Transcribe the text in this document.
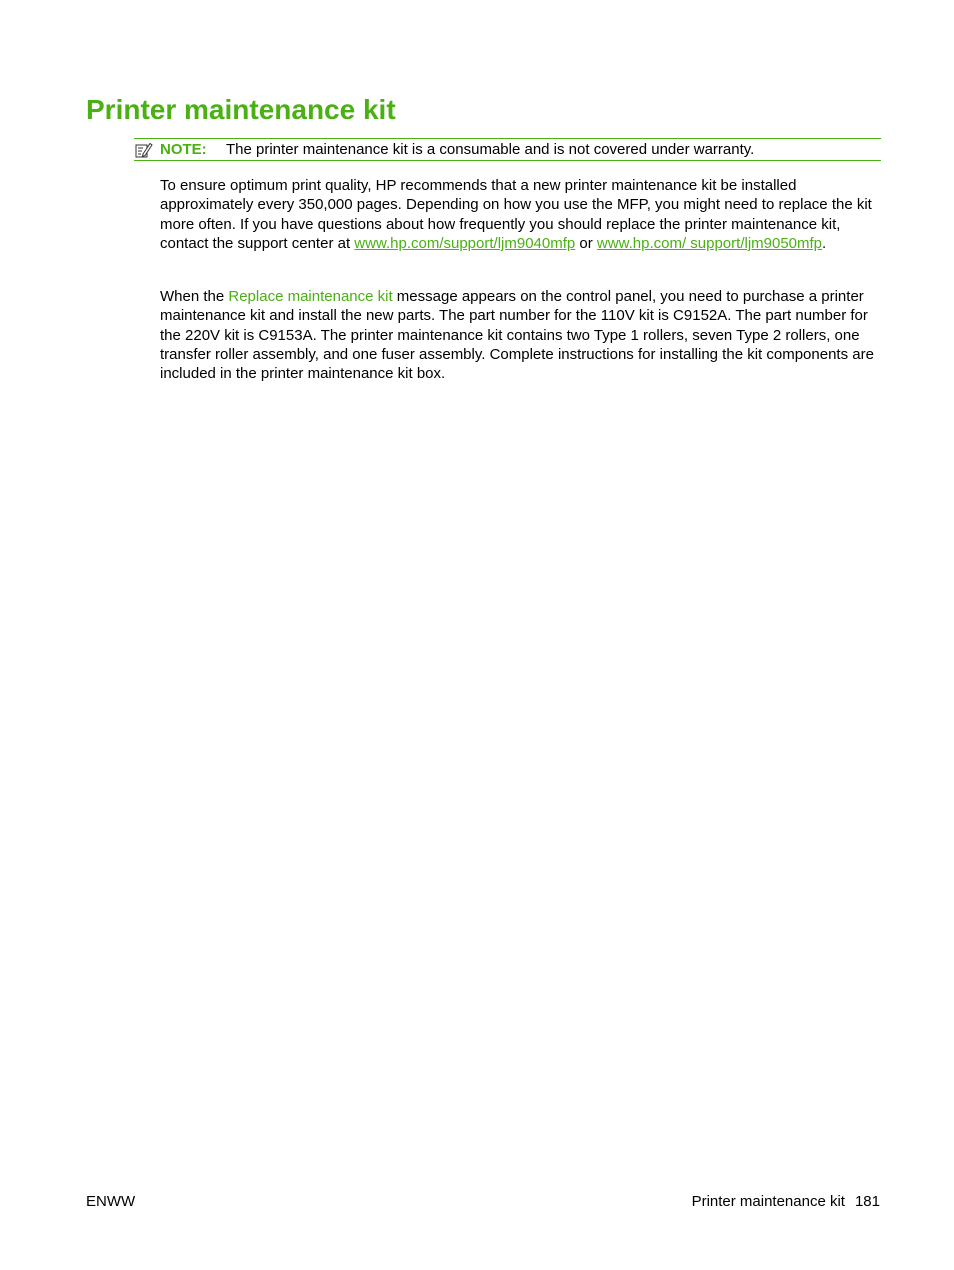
Printer maintenance kit
NOTE: The printer maintenance kit is a consumable and is not covered under warranty.

To ensure optimum print quality, HP recommends that a new printer maintenance kit be installed approximately every 350,000 pages. Depending on how you use the MFP, you might need to replace the kit more often. If you have questions about how frequently you should replace the printer maintenance kit, contact the support center at www.hp.com/support/ljm9040mfp or www.hp.com/ support/ljm9050mfp.

When the Replace maintenance kit message appears on the control panel, you need to purchase a printer maintenance kit and install the new parts. The part number for the 110V kit is C9152A. The part number for the 220V kit is C9153A. The printer maintenance kit contains two Type 1 rollers, seven Type 2 rollers, one transfer roller assembly, and one fuser assembly. Complete instructions for installing the kit components are included in the printer maintenance kit box.

ENWW	Printer maintenance kit 181
